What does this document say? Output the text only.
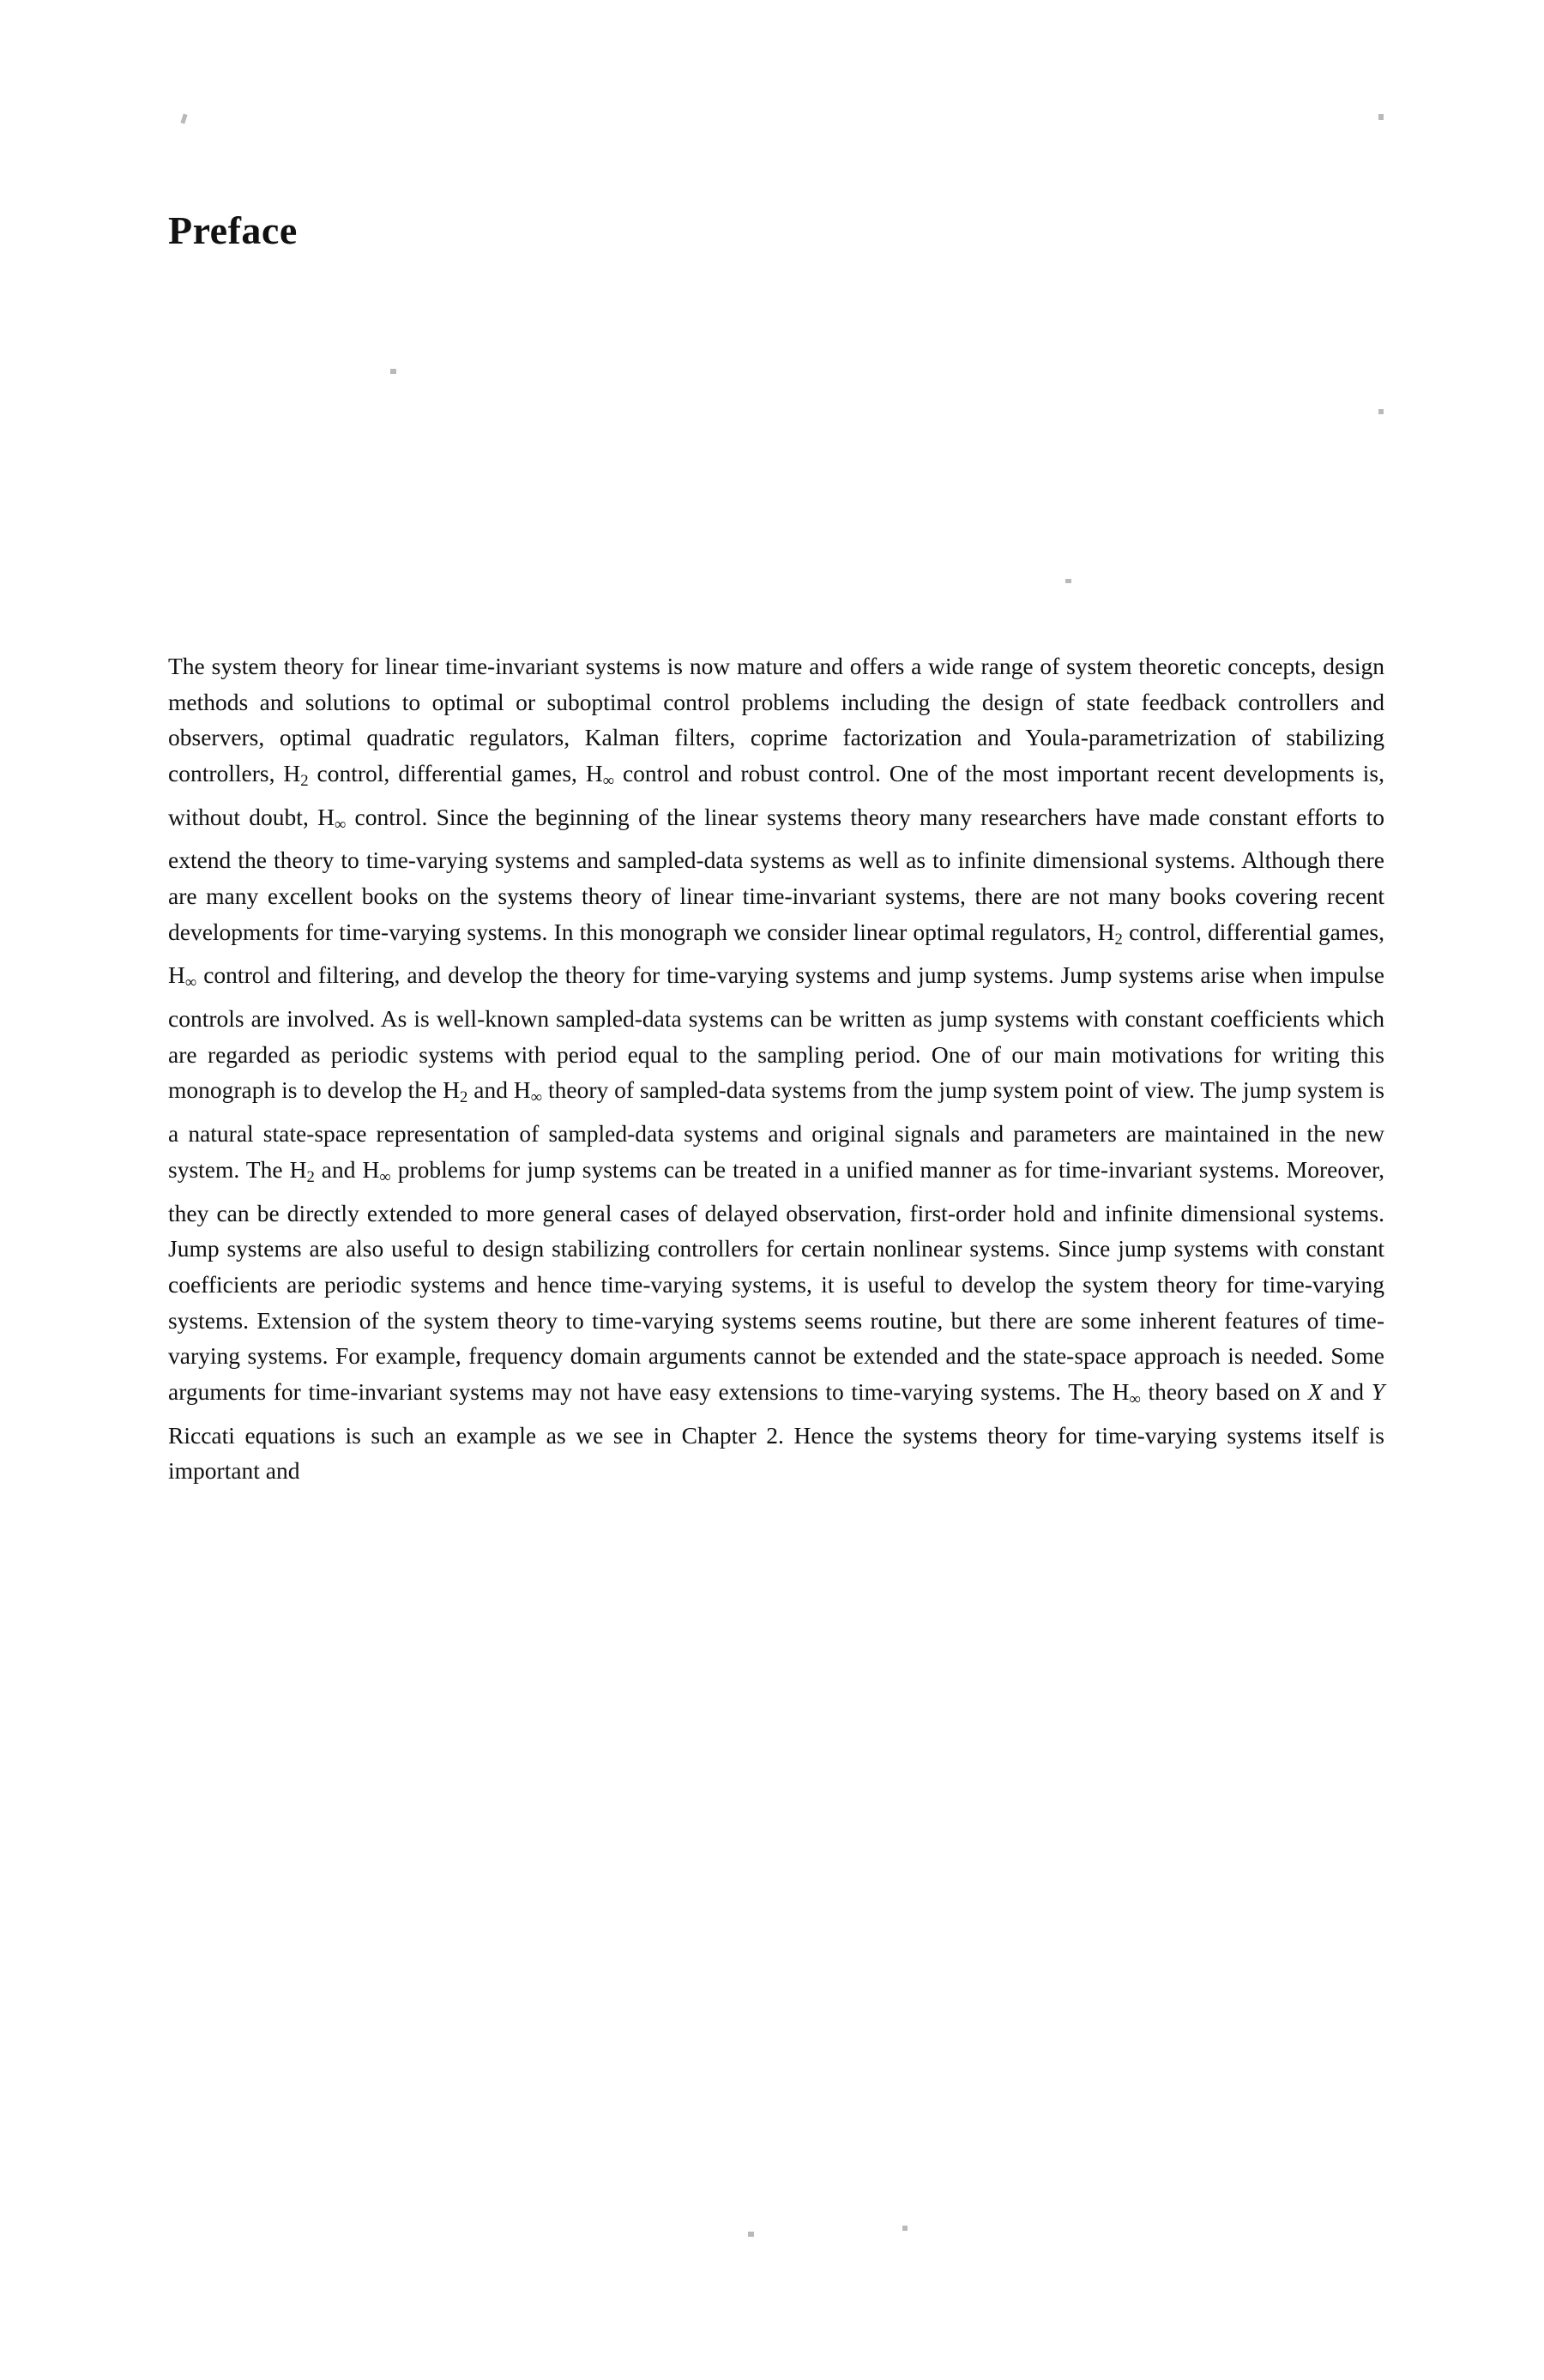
Preface

The system theory for linear time-invariant systems is now mature and offers a wide range of system theoretic concepts, design methods and solutions to optimal or suboptimal control problems including the design of state feedback controllers and observers, optimal quadratic regulators, Kalman filters, coprime factorization and Youla-parametrization of stabilizing controllers, $H_2$ control, differential games, $H_\infty$ control and robust control. One of the most important recent developments is, without doubt, $H_\infty$ control. Since the beginning of the linear systems theory many researchers have made constant efforts to extend the theory to time-varying systems and sampled-data systems as well as to infinite dimensional systems. Although there are many excellent books on the systems theory of linear time-invariant systems, there are not many books covering recent developments for time-varying systems. In this monograph we consider linear optimal regulators, $H_2$ control, differential games, $H_\infty$ control and filtering, and develop the theory for time-varying systems and jump systems. Jump systems arise when impulse controls are involved. As is well-known sampled-data systems can be written as jump systems with constant coefficients which are regarded as periodic systems with period equal to the sampling period. One of our main motivations for writing this monograph is to develop the $H_2$ and $H_\infty$ theory of sampled-data systems from the jump system point of view. The jump system is a natural state-space representation of sampled-data systems and original signals and parameters are maintained in the new system. The $H_2$ and $H_\infty$ problems for jump systems can be treated in a unified manner as for time-invariant systems. Moreover, they can be directly extended to more general cases of delayed observation, first-order hold and infinite dimensional systems. Jump systems are also useful to design stabilizing controllers for certain nonlinear systems. Since jump systems with constant coefficients are periodic systems and hence time-varying systems, it is useful to develop the system theory for time-varying systems. Extension of the system theory to time-varying systems seems routine, but there are some inherent features of time-varying systems. For example, frequency domain arguments cannot be extended and the state-space approach is needed. Some arguments for time-invariant systems may not have easy extensions to time-varying systems. The $H_\infty$ theory based on X and Y Riccati equations is such an example as we see in Chapter 2. Hence the systems theory for time-varying systems itself is important and
